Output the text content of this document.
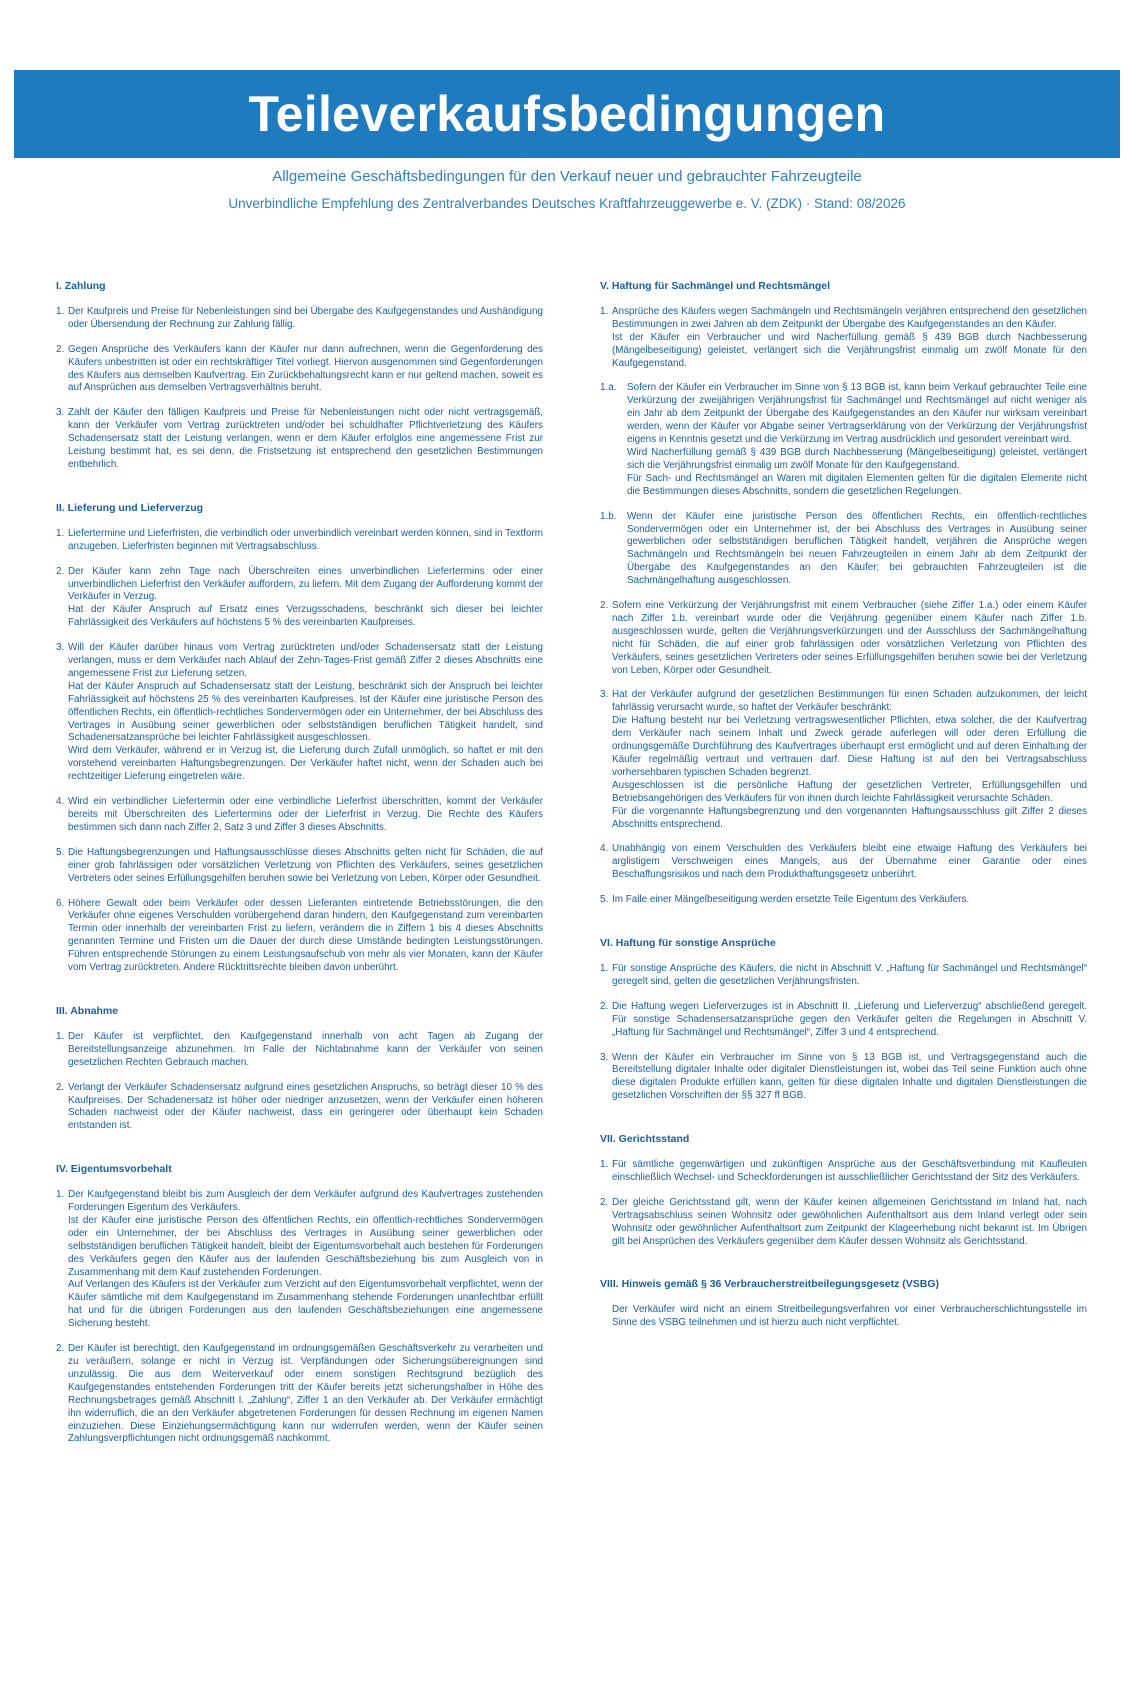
Teileverkaufsbedingungen
Allgemeine Geschäftsbedingungen für den Verkauf neuer und gebrauchter Fahrzeugteile
Unverbindliche Empfehlung des Zentralverbandes Deutsches Kraftfahrzeuggewerbe e. V. (ZDK) · Stand: 08/2026
I. Zahlung
1. Der Kaufpreis und Preise für Nebenleistungen sind bei Übergabe des Kaufgegenstandes und Aushändigung oder Übersendung der Rechnung zur Zahlung fällig.

2. Gegen Ansprüche des Verkäufers kann der Käufer nur dann aufrechnen, wenn die Gegenforderung des Käufers unbestritten ist oder ein rechtskräftiger Titel vorliegt. Hiervon ausgenommen sind Gegenforderungen des Käufers aus demselben Kaufvertrag. Ein Zurückbehaltungsrecht kann er nur geltend machen, soweit es auf Ansprüchen aus demselben Vertragsverhältnis beruht.

3. Zahlt der Käufer den fälligen Kaufpreis und Preise für Nebenleistungen nicht oder nicht vertragsgemäß, kann der Verkäufer vom Vertrag zurücktreten und/oder bei schuldhafter Pflichtverletzung des Käufers Schadensersatz statt der Leistung verlangen, wenn er dem Käufer erfolglos eine angemessene Frist zur Leistung bestimmt hat, es sei denn, die Fristsetzung ist entsprechend den gesetzlichen Bestimmungen entbehrlich.

II. Lieferung und Lieferverzug
1. Liefertermine und Lieferfristen, die verbindlich oder unverbindlich vereinbart werden können, sind in Textform anzugeben. Lieferfristen beginnen mit Vertragsabschluss.

2. Der Käufer kann zehn Tage nach Überschreiten eines unverbindlichen Liefertermins oder einer unverbindlichen Lieferfrist den Verkäufer auffordern, zu liefern. Mit dem Zugang der Aufforderung kommt der Verkäufer in Verzug.

Hat der Käufer Anspruch auf Ersatz eines Verzugsschadens, beschränkt sich dieser bei leichter Fahrlässigkeit des Verkäufers auf höchstens 5 % des vereinbarten Kaufpreises.

3. Will der Käufer darüber hinaus vom Vertrag zurücktreten und/oder Schadensersatz statt der Leistung verlangen, muss er dem Verkäufer nach Ablauf der Zehn-Tages-Frist gemäß Ziffer 2 dieses Abschnitts eine angemessene Frist zur Lieferung setzen.

Hat der Käufer Anspruch auf Schadensersatz statt der Leistung, beschränkt sich der Anspruch bei leichter Fahrlässigkeit auf höchstens 25 % des vereinbarten Kaufpreises. Ist der Käufer eine juristische Person des öffentlichen Rechts, ein öffentlich-rechtliches Sondervermögen oder ein Unternehmer, der bei Abschluss des Vertrages in Ausübung seiner gewerblichen oder selbstständigen beruflichen Tätigkeit handelt, sind Schadenersatzansprüche bei leichter Fahrlässigkeit ausgeschlossen.

Wird dem Verkäufer, während er in Verzug ist, die Lieferung durch Zufall unmöglich, so haftet er mit den vorstehend vereinbarten Haftungsbegrenzungen. Der Verkäufer haftet nicht, wenn der Schaden auch bei rechtzeitiger Lieferung eingetreten wäre.

4. Wird ein verbindlicher Liefertermin oder eine verbindliche Lieferfrist überschritten, kommt der Verkäufer bereits mit Überschreiten des Liefertermins oder der Lieferfrist in Verzug. Die Rechte des Käufers bestimmen sich dann nach Ziffer 2, Satz 3 und Ziffer 3 dieses Abschnitts.

5. Die Haftungsbegrenzungen und Haftungsausschlüsse dieses Abschnitts gelten nicht für Schäden, die auf einer grob fahrlässigen oder vorsätzlichen Verletzung von Pflichten des Verkäufers, seines gesetzlichen Vertreters oder seines Erfüllungsgehilfen beruhen sowie bei Verletzung von Leben, Körper oder Gesundheit.

6. Höhere Gewalt oder beim Verkäufer oder dessen Lieferanten eintretende Betriebsstörungen, die den Verkäufer ohne eigenes Verschulden vorübergehend daran hindern, den Kaufgegenstand zum vereinbarten Termin oder innerhalb der vereinbarten Frist zu liefern, verändern die in Ziffern 1 bis 4 dieses Abschnitts genannten Termine und Fristen um die Dauer der durch diese Umstände bedingten Leistungsstörungen. Führen entsprechende Störungen zu einem Leistungsaufschub von mehr als vier Monaten, kann der Käufer vom Vertrag zurücktreten. Andere Rücktrittsrechte bleiben davon unberührt.

III. Abnahme
1. Der Käufer ist verpflichtet, den Kaufgegenstand innerhalb von acht Tagen ab Zugang der Bereitstellungsanzeige abzunehmen. Im Falle der Nichtabnahme kann der Verkäufer von seinen gesetzlichen Rechten Gebrauch machen.

2. Verlangt der Verkäufer Schadensersatz aufgrund eines gesetzlichen Anspruchs, so beträgt dieser 10 % des Kaufpreises. Der Schadenersatz ist höher oder niedriger anzusetzen, wenn der Verkäufer einen höheren Schaden nachweist oder der Käufer nachweist, dass ein geringerer oder überhaupt kein Schaden entstanden ist.

IV. Eigentumsvorbehalt
1. Der Kaufgegenstand bleibt bis zum Ausgleich der dem Verkäufer aufgrund des Kaufvertrages zustehenden Forderungen Eigentum des Verkäufers.

Ist der Käufer eine juristische Person des öffentlichen Rechts, ein öffentlich-rechtliches Sondervermögen oder ein Unternehmer, der bei Abschluss des Vertrages in Ausübung seiner gewerblichen oder selbstständigen beruflichen Tätigkeit handelt, bleibt der Eigentumsvorbehalt auch bestehen für Forderungen des Verkäufers gegen den Käufer aus der laufenden Geschäftsbeziehung bis zum Ausgleich von in Zusammenhang mit dem Kauf zustehenden Forderungen.

Auf Verlangen des Käufers ist der Verkäufer zum Verzicht auf den Eigentumsvorbehalt verpflichtet, wenn der Käufer sämtliche mit dem Kaufgegenstand im Zusammenhang stehende Forderungen unanfechtbar erfüllt hat und für die übrigen Forderungen aus den laufenden Geschäftsbeziehungen eine angemessene Sicherung besteht.

2. Der Käufer ist berechtigt, den Kaufgegenstand im ordnungsgemäßen Geschäftsverkehr zu verarbeiten und zu veräußern, solange er nicht in Verzug ist. Verpfändungen oder Sicherungsübereignungen sind unzulässig. Die aus dem Weiterverkauf oder einem sonstigen Rechtsgrund bezüglich des Kaufgegenstandes entstehenden Forderungen tritt der Käufer bereits jetzt sicherungshalber in Höhe des Rechnungsbetrages gemäß Abschnitt I. „Zahlung“, Ziffer 1 an den Verkäufer ab. Der Verkäufer ermächtigt ihn widerruflich, die an den Verkäufer abgetretenen Forderungen für dessen Rechnung im eigenen Namen einzuziehen. Diese Einziehungsermächtigung kann nur widerrufen werden, wenn der Käufer seinen Zahlungsverpflichtungen nicht ordnungsgemäß nachkommt.

V. Haftung für Sachmängel und Rechtsmängel
1. Ansprüche des Käufers wegen Sachmängeln und Rechtsmängeln verjähren entsprechend den gesetzlichen Bestimmungen in zwei Jahren ab dem Zeitpunkt der Übergabe des Kaufgegenstandes an den Käufer.

Ist der Käufer ein Verbraucher und wird Nacherfüllung gemäß § 439 BGB durch Nachbesserung (Mängelbeseitigung) geleistet, verlängert sich die Verjährungsfrist einmalig um zwölf Monate für den Kaufgegenstand.

1.a.	Sofern der Käufer ein Verbraucher im Sinne von § 13 BGB ist, kann beim Verkauf gebrauchter Teile eine Verkürzung der zweijährigen Verjährungsfrist für Sachmängel und Rechtsmängel auf nicht weniger als ein Jahr ab dem Zeitpunkt der Übergabe des Kaufgegenstandes an den Käufer nur wirksam vereinbart werden, wenn der Käufer vor Abgabe seiner Vertragserklärung von der Verkürzung der Verjährungsfrist eigens in Kenntnis gesetzt und die Verkürzung im Vertrag ausdrücklich und gesondert vereinbart wird.

Wird Nacherfüllung gemäß § 439 BGB durch Nachbesserung (Mängelbeseitigung) geleistet, verlängert sich die Verjährungsfrist einmalig um zwölf Monate für den Kaufgegenstand.

Für Sach- und Rechtsmängel an Waren mit digitalen Elementen gelten für die digitalen Elemente nicht die Bestimmungen dieses Abschnitts, sondern die gesetzlichen Regelungen.

1.b.	Wenn der Käufer eine juristische Person des öffentlichen Rechts, ein öffentlich-rechtliches Sondervermögen oder ein Unternehmer ist, der bei Abschluss des Vertrages in Ausübung seiner gewerblichen oder selbstständigen beruflichen Tätigkeit handelt, verjähren die Ansprüche wegen Sachmängeln und Rechtsmängeln bei neuen Fahrzeugteilen in einem Jahr ab dem Zeitpunkt der Übergabe des Kaufgegenstandes an den Käufer; bei gebrauchten Fahrzeugteilen ist die Sachmängelhaftung ausgeschlossen.

2. Sofern eine Verkürzung der Verjährungsfrist mit einem Verbraucher (siehe Ziffer 1.a.) oder einem Käufer nach Ziffer 1.b. vereinbart wurde oder die Verjährung gegenüber einem Käufer nach Ziffer 1.b. ausgeschlossen wurde, gelten die Verjährungsverkürzungen und der Ausschluss der Sachmängelhaftung nicht für Schäden, die auf einer grob fahrlässigen oder vorsätzlichen Verletzung von Pflichten des Verkäufers, seines gesetzlichen Vertreters oder seines Erfüllungsgehilfen beruhen sowie bei der Verletzung von Leben, Körper oder Gesundheit.

3. Hat der Verkäufer aufgrund der gesetzlichen Bestimmungen für einen Schaden aufzukommen, der leicht fahrlässig verursacht wurde, so haftet der Verkäufer beschränkt:

Die Haftung besteht nur bei Verletzung vertragswesentlicher Pflichten, etwa solcher, die der Kaufvertrag dem Verkäufer nach seinem Inhalt und Zweck gerade auferlegen will oder deren Erfüllung die ordnungsgemäße Durchführung des Kaufvertrages überhaupt erst ermöglicht und auf deren Einhaltung der Käufer regelmäßig vertraut und vertrauen darf. Diese Haftung ist auf den bei Vertragsabschluss vorhersehbaren typischen Schaden begrenzt.

Ausgeschlossen ist die persönliche Haftung der gesetzlichen Vertreter, Erfüllungsgehilfen und Betriebsangehörigen des Verkäufers für von ihnen durch leichte Fahrlässigkeit verursachte Schäden.

Für die vorgenannte Haftungsbegrenzung und den vorgenannten Haftungsausschluss gilt Ziffer 2 dieses Abschnitts entsprechend.

4. Unabhängig von einem Verschulden des Verkäufers bleibt eine etwaige Haftung des Verkäufers bei arglistigem Verschweigen eines Mangels, aus der Übernahme einer Garantie oder eines Beschaffungsrisikos und nach dem Produkthaftungsgesetz unberührt.

5. Im Falle einer Mängelbeseitigung werden ersetzte Teile Eigentum des Verkäufers.

VI. Haftung für sonstige Ansprüche
1. Für sonstige Ansprüche des Käufers, die nicht in Abschnitt V. „Haftung für Sachmängel und Rechtsmängel“ geregelt sind, gelten die gesetzlichen Verjährungsfristen.

2. Die Haftung wegen Lieferverzuges ist in Abschnitt II. „Lieferung und Lieferverzug“ abschließend geregelt. Für sonstige Schadensersatzansprüche gegen den Verkäufer gelten die Regelungen in Abschnitt V. „Haftung für Sachmängel und Rechtsmängel“, Ziffer 3 und 4 entsprechend.

3. Wenn der Käufer ein Verbraucher im Sinne von § 13 BGB ist, und Vertragsgegenstand auch die Bereitstellung digitaler Inhalte oder digitaler Dienstleistungen ist, wobei das Teil seine Funktion auch ohne diese digitalen Produkte erfüllen kann, gelten für diese digitalen Inhalte und digitalen Dienstleistungen die gesetzlichen Vorschriften der §§ 327 ff BGB.

VII. Gerichtsstand
1. Für sämtliche gegenwärtigen und zukünftigen Ansprüche aus der Geschäftsverbindung mit Kaufleuten einschließlich Wechsel- und Scheckforderungen ist ausschließlicher Gerichtsstand der Sitz des Verkäufers.

2. Der gleiche Gerichtsstand gilt, wenn der Käufer keinen allgemeinen Gerichtsstand im Inland hat, nach Vertragsabschluss seinen Wohnsitz oder gewöhnlichen Aufenthaltsort aus dem Inland verlegt oder sein Wohnsitz oder gewöhnlicher Aufenthaltsort zum Zeitpunkt der Klageerhebung nicht bekannt ist. Im Übrigen gilt bei Ansprüchen des Verkäufers gegenüber dem Käufer dessen Wohnsitz als Gerichtsstand.

VIII. Hinweis gemäß § 36 Verbraucherstreitbeilegungsgesetz (VSBG)

Der Verkäufer wird nicht an einem Streitbeilegungsverfahren vor einer Verbraucherschlichtungsstelle im Sinne des VSBG teilnehmen und ist hierzu auch nicht verpflichtet.
